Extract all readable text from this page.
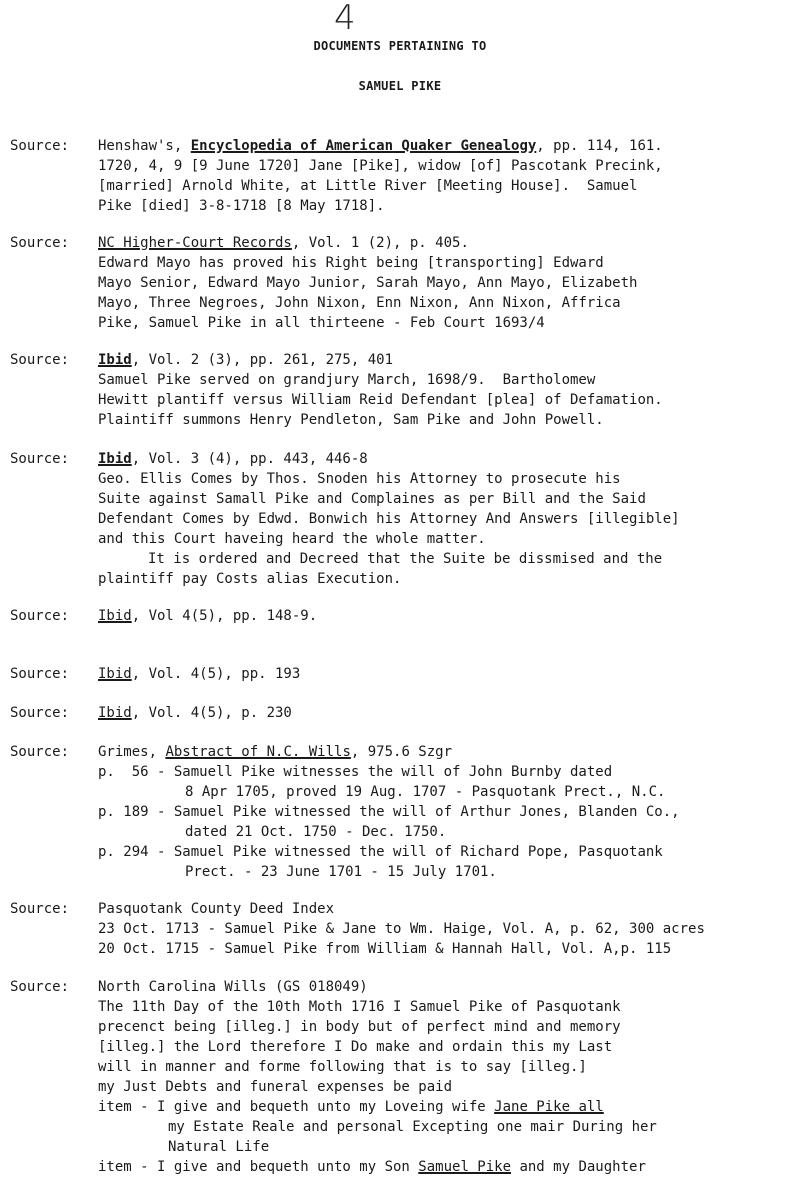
4
DOCUMENTS PERTAINING TO
SAMUEL PIKE
Source: Henshaw's, Encyclopedia of American Quaker Genealogy, pp. 114, 161.
1720, 4, 9 [9 June 1720] Jane [Pike], widow [of] Pascotank Precink,
[married] Arnold White, at Little River [Meeting House].  Samuel
Pike [died] 3-8-1718 [8 May 1718].
Source: NC Higher-Court Records, Vol. 1 (2), p. 405.
Edward Mayo has proved his Right being [transporting] Edward
Mayo Senior, Edward Mayo Junior, Sarah Mayo, Ann Mayo, Elizabeth
Mayo, Three Negroes, John Nixon, Enn Nixon, Ann Nixon, Affrica
Pike, Samuel Pike in all thirteene - Feb Court 1693/4
Source: Ibid, Vol. 2 (3), pp. 261, 275, 401
Samuel Pike served on grandjury March, 1698/9.  Bartholomew
Hewitt plantiff versus William Reid Defendant [plea] of Defamation.
Plaintiff summons Henry Pendleton, Sam Pike and John Powell.
Source: Ibid, Vol. 3 (4), pp. 443, 446-8
Geo. Ellis Comes by Thos. Snoden his Attorney to prosecute his
Suite against Samall Pike and Complaines as per Bill and the Said
Defendant Comes by Edwd. Bonwich his Attorney And Answers [illegible]
and this Court haveing heard the whole matter.
It is ordered and Decreed that the Suite be dissmised and the
plaintiff pay Costs alias Execution.
Source: Ibid, Vol 4(5), pp. 148-9.
Source: Ibid, Vol. 4(5), pp. 193
Source: Ibid, Vol. 4(5), p. 230
Source: Grimes, Abstract of N.C. Wills, 975.6 Szgr
p.  56 - Samuell Pike witnesses the will of John Burnby dated
8 Apr 1705, proved 19 Aug. 1707 - Pasquotank Prect., N.C.
p. 189 - Samuel Pike witnessed the will of Arthur Jones, Blanden Co.,
dated 21 Oct. 1750 - Dec. 1750.
p. 294 - Samuel Pike witnessed the will of Richard Pope, Pasquotank
Prect. - 23 June 1701 - 15 July 1701.
Source: Pasquotank County Deed Index
23 Oct. 1713 - Samuel Pike & Jane to Wm. Haige, Vol. A, p. 62, 300 acres
20 Oct. 1715 - Samuel Pike from William & Hannah Hall, Vol. A,p. 115
Source: North Carolina Wills (GS 018049)
The 11th Day of the 10th Moth 1716 I Samuel Pike of Pasquotank
precenct being [illeg.] in body but of perfect mind and memory
[illeg.] the Lord therefore I Do make and ordain this my Last
will in manner and forme following that is to say [illeg.]
my Just Debts and funeral expenses be paid
item - I give and bequeth unto my Loveing wife Jane Pike all
my Estate Reale and personal Excepting one mair During her
Natural Life
item - I give and bequeth unto my Son Samuel Pike and my Daughter
